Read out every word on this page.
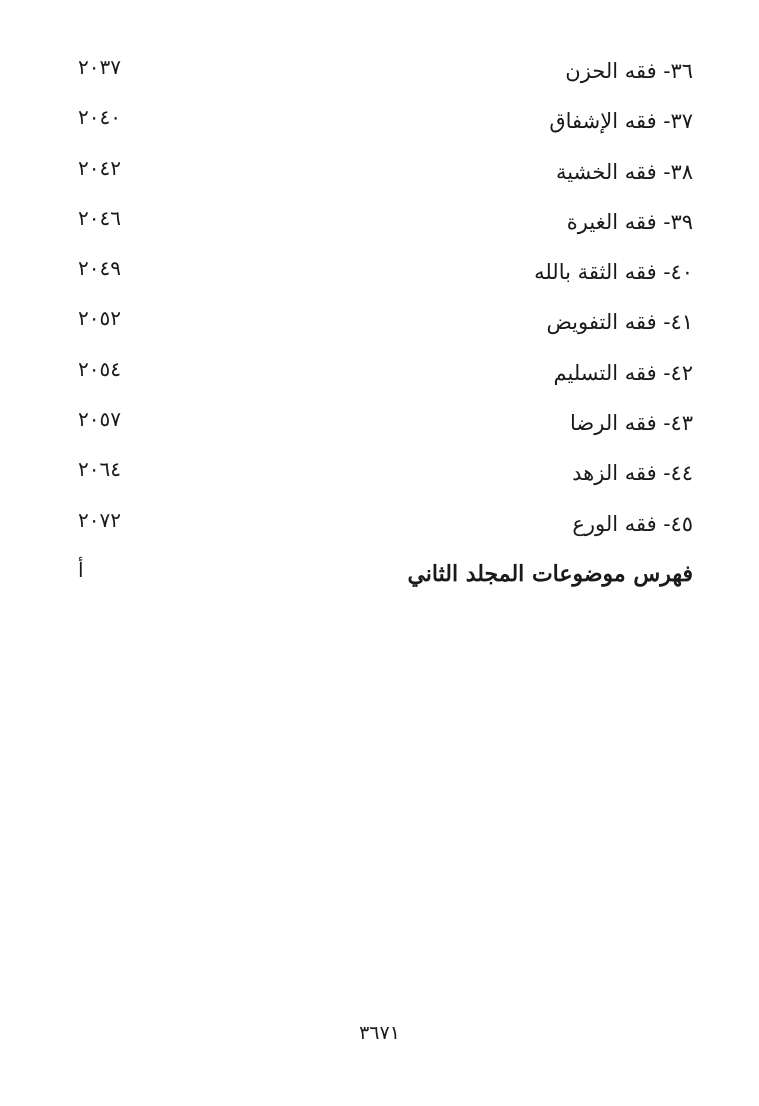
٣٦- فقه الحزن
٢٠٣٧
٣٧- فقه الإشفاق
٢٠٤٠
٣٨- فقه الخشية
٢٠٤٢
٣٩- فقه الغيرة
٢٠٤٦
٤٠- فقه الثقة بالله
٢٠٤٩
٤١- فقه التفويض
٢٠٥٢
٤٢- فقه التسليم
٢٠٥٤
٤٣- فقه الرضا
٢٠٥٧
٤٤- فقه الزهد
٢٠٦٤
٤٥- فقه الورع
٢٠٧٢
فهرس موضوعات المجلد الثاني
أ
٣٦٧١
